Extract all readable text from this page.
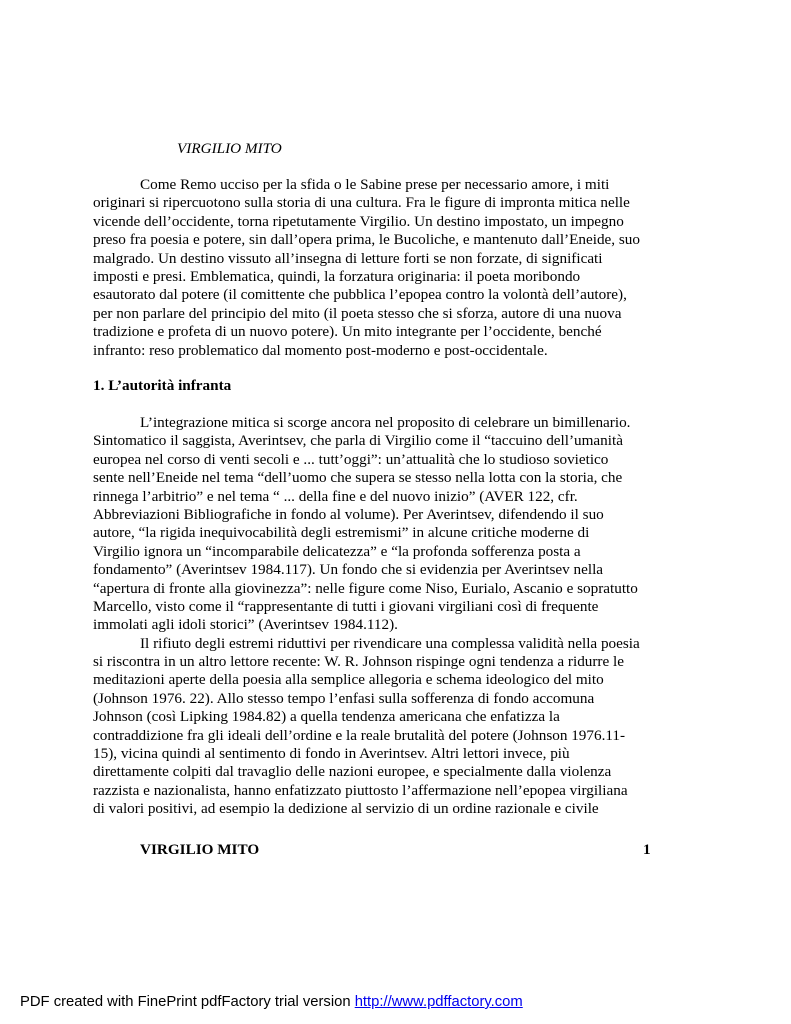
VIRGILIO MITO
Come Remo ucciso per la sfida o le Sabine prese per necessario amore, i miti
originari si ripercuotono sulla storia di una cultura. Fra le figure di impronta mitica nelle
vicende dell’occidente, torna ripetutamente Virgilio. Un destino impostato, un impegno
preso fra poesia e potere, sin dall’opera prima, le Bucoliche, e mantenuto dall’Eneide, suo
malgrado. Un destino vissuto all’insegna di letture forti se non forzate, di significati
imposti e presi. Emblematica, quindi, la forzatura originaria: il poeta moribondo
esautorato dal potere (il comittente che pubblica l’epopea contro la volontà dell’autore),
per non parlare del principio del mito (il poeta stesso che si sforza, autore di una nuova
tradizione e profeta di un nuovo potere). Un mito integrante per l’occidente, benché
infranto: reso problematico dal momento post-moderno e post-occidentale.
1. L’autorità infranta
L’integrazione mitica si scorge ancora nel proposito di celebrare un bimillenario.
Sintomatico il saggista, Averintsev, che parla di Virgilio come il “taccuino dell’umanità
europea nel corso di venti secoli e ... tutt’oggi”: un’attualità che lo studioso sovietico
sente nell’Eneide nel tema “dell’uomo che supera se stesso nella lotta con la storia, che
rinnega l’arbitrio” e nel tema “ ... della fine e del nuovo inizio” (AVER 122, cfr.
Abbreviazioni Bibliografiche in fondo al volume). Per Averintsev, difendendo il suo
autore, “la rigida inequivocabilità degli estremismi” in alcune critiche moderne di
Virgilio ignora un “incomparabile delicatezza” e “la profonda sofferenza posta a
fondamento” (Averintsev 1984.117). Un fondo che si evidenzia per Averintsev nella
“apertura di fronte alla giovinezza”: nelle figure come Niso, Eurialo, Ascanio e sopratutto
Marcello, visto come il “rappresentante di tutti i giovani virgiliani così di frequente
immolati agli idoli storici” (Averintsev 1984.112).
Il rifiuto degli estremi riduttivi per rivendicare una complessa validità nella poesia
si riscontra in un altro lettore recente: W. R. Johnson rispinge ogni tendenza a ridurre le
meditazioni aperte della poesia alla semplice allegoria e schema ideologico del mito
(Johnson 1976. 22). Allo stesso tempo l’enfasi sulla sofferenza di fondo accomuna
Johnson (così Lipking 1984.82) a quella tendenza americana che enfatizza la
contraddizione fra gli ideali dell’ordine e la reale brutalità del potere (Johnson 1976.11-
15), vicina quindi al sentimento di fondo in Averintsev. Altri lettori invece, più
direttamente colpiti dal travaglio delle nazioni europee, e specialmente dalla violenza
razzista e nazionalista, hanno enfatizzato piuttosto l’affermazione nell’epopea virgiliana
di valori positivi, ad esempio la dedizione al servizio di un ordine razionale e civile
VIRGILIO MITO	1
PDF created with FinePrint pdfFactory trial version http://www.pdffactory.com
